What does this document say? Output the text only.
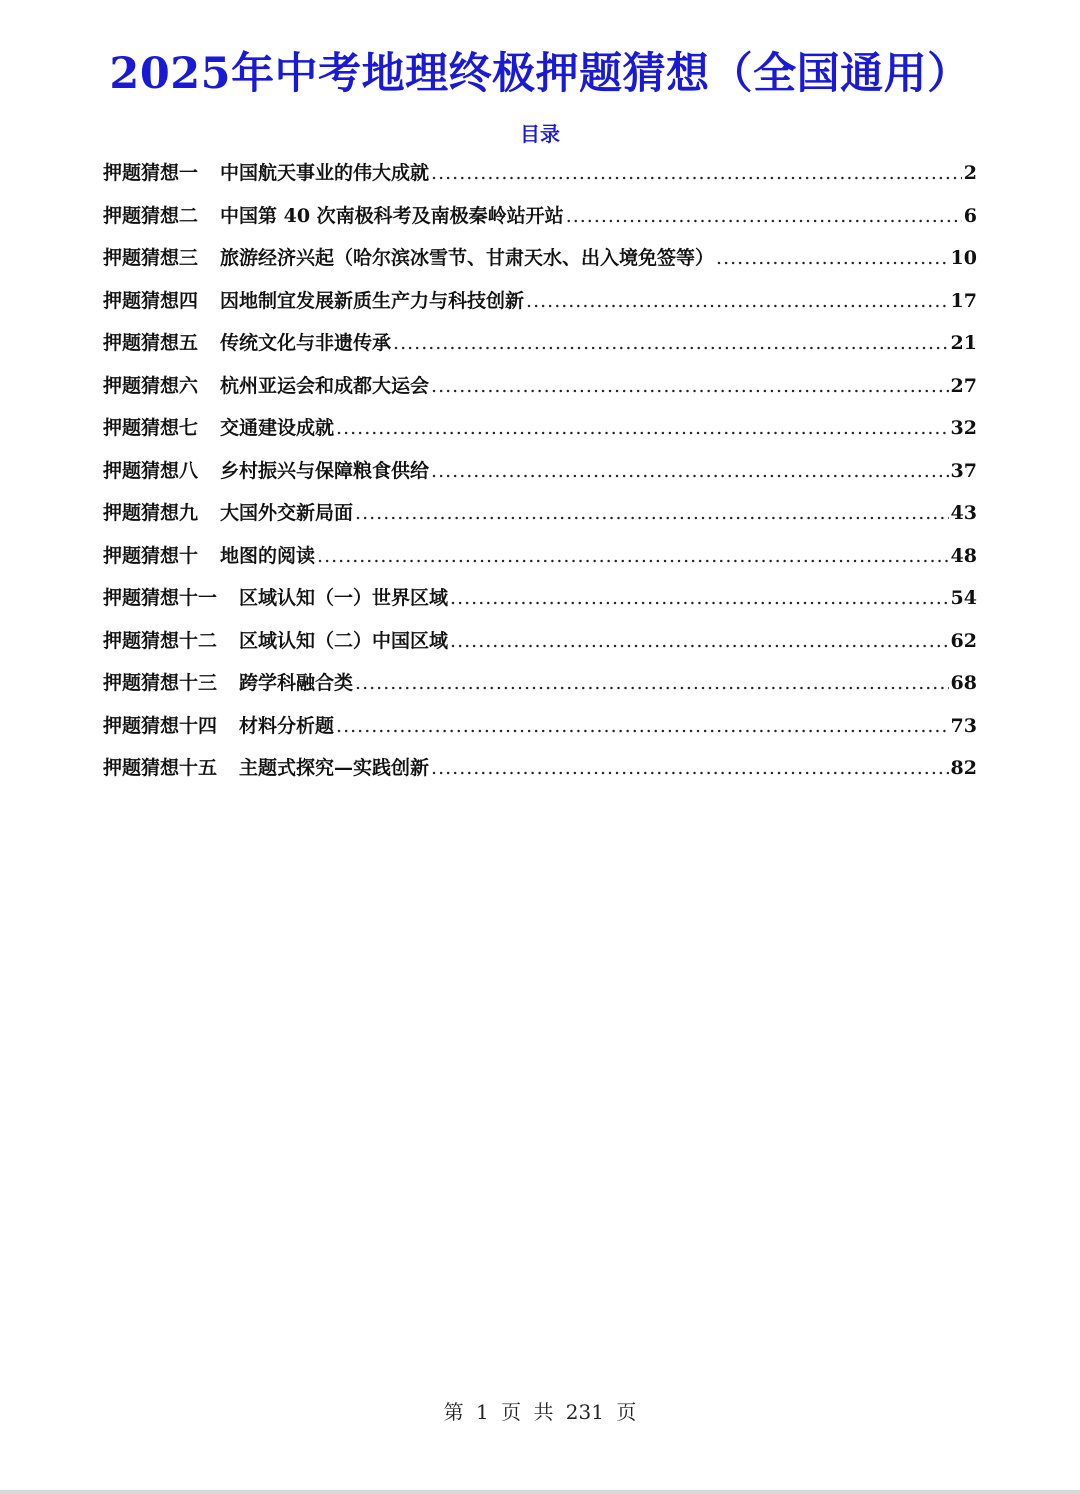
2025年中考地理终极押题猜想（全国通用）
目录
押题猜想一 中国航天事业的伟大成就 .....	2
押题猜想二 中国第 40 次南极科考及南极秦岭站开站 .....	6
押题猜想三 旅游经济兴起（哈尔滨冰雪节、甘肃天水、出入境免签等） .....	10
押题猜想四 因地制宜发展新质生产力与科技创新 .....	17
押题猜想五 传统文化与非遗传承 .....	21
押题猜想六 杭州亚运会和成都大运会 .....	27
押题猜想七 交通建设成就 .....	32
押题猜想八 乡村振兴与保障粮食供给 .....	37
押题猜想九 大国外交新局面 .....	43
押题猜想十 地图的阅读 .....	48
押题猜想十一 区域认知（一）世界区域 .....	54
押题猜想十二 区域认知（二）中国区域 .....	62
押题猜想十三 跨学科融合类 .....	68
押题猜想十四 材料分析题 .....	73
押题猜想十五 主题式探究—实践创新 .....	82
第 1 页 共 231 页
